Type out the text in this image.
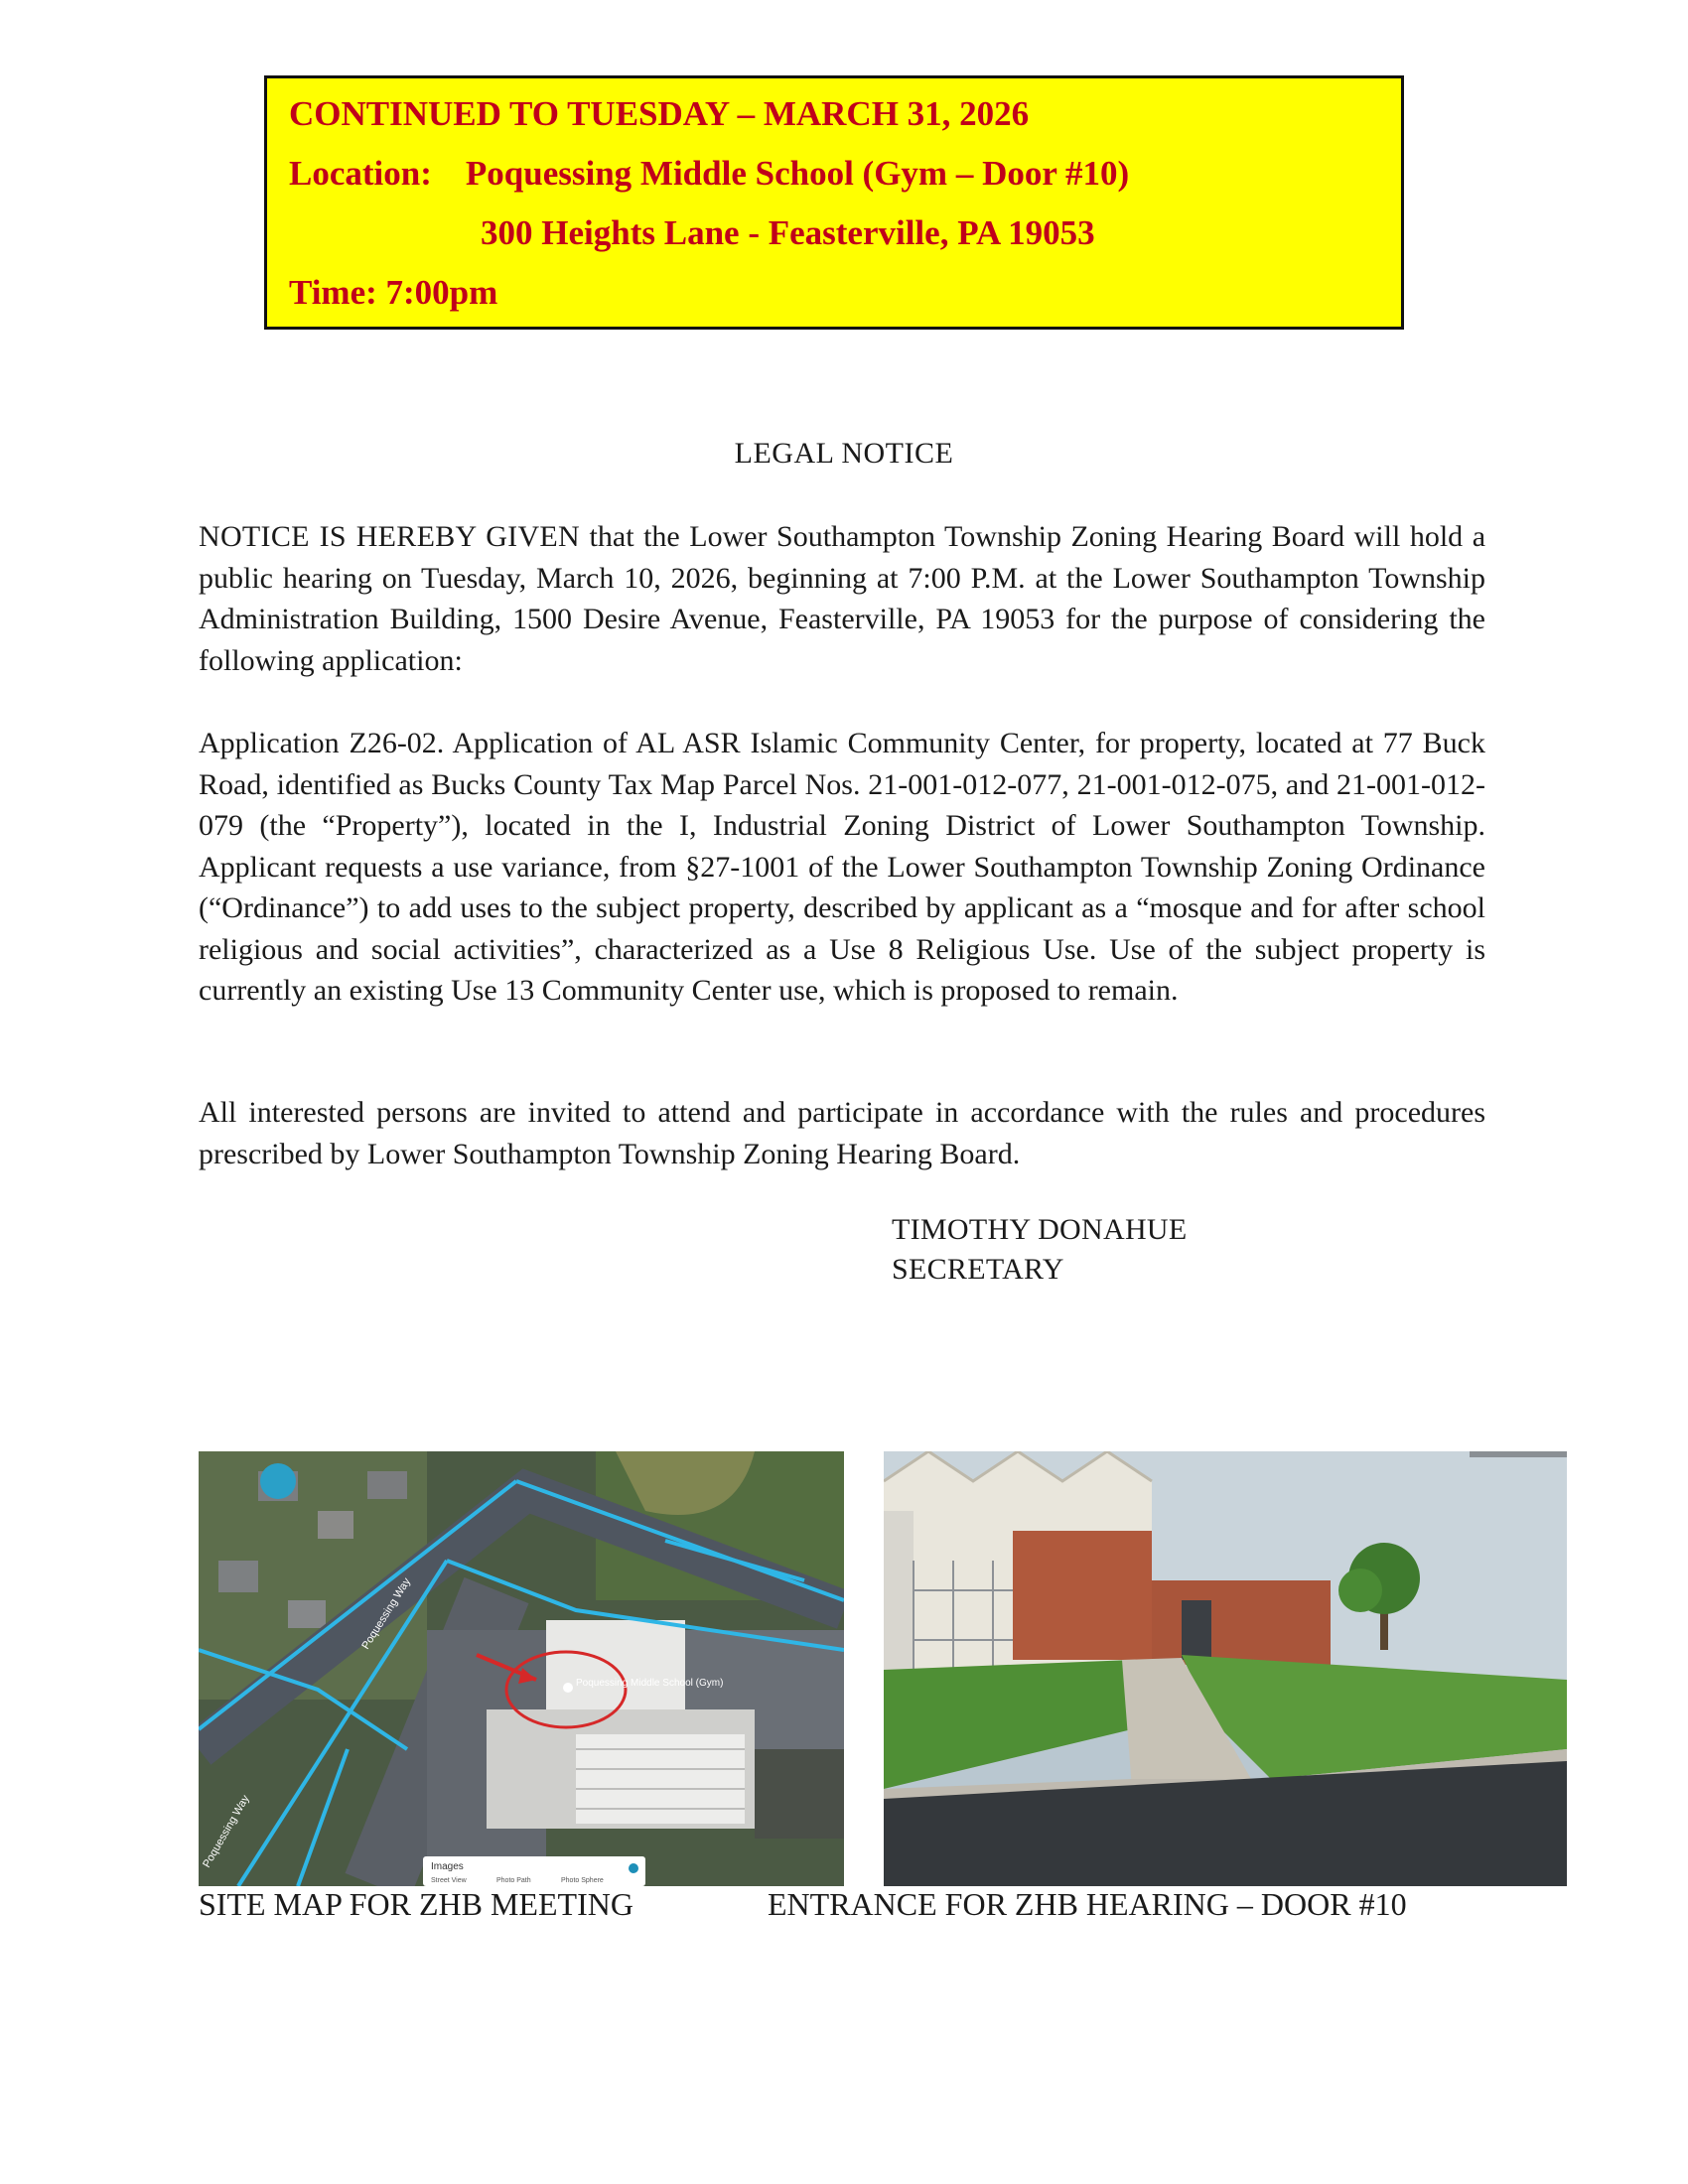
CONTINUED TO TUESDAY – MARCH 31, 2026
Location: Poquessing Middle School (Gym – Door #10)
300 Heights Lane - Feasterville, PA 19053
Time: 7:00pm
LEGAL NOTICE

NOTICE IS HEREBY GIVEN that the Lower Southampton Township Zoning Hearing Board will hold a public hearing on Tuesday, March 10, 2026, beginning at 7:00 P.M. at the Lower Southampton Township Administration Building, 1500 Desire Avenue, Feasterville, PA 19053 for the purpose of considering the following application:

Application Z26-02. Application of AL ASR Islamic Community Center, for property, located at 77 Buck Road, identified as Bucks County Tax Map Parcel Nos. 21-001-012-077, 21-001-012-075, and 21-001-012-079 (the “Property”), located in the I, Industrial Zoning District of Lower Southampton Township. Applicant requests a use variance, from §27-1001 of the Lower Southampton Township Zoning Ordinance (“Ordinance”) to add uses to the subject property, described by applicant as a “mosque and for after school religious and social activities”, characterized as a Use 8 Religious Use. Use of the subject property is currently an existing Use 13 Community Center use, which is proposed to remain.

All interested persons are invited to attend and participate in accordance with the rules and procedures prescribed by Lower Southampton Township Zoning Hearing Board.

TIMOTHY DONAHUE
SECRETARY
Poquessing Middle School (Gym)
Poquessing Way
Poquessing Way	Images
Street View	Photo Path	Photo Sphere
SITE MAP FOR ZHB MEETING	ENTRANCE FOR ZHB HEARING – DOOR #10
